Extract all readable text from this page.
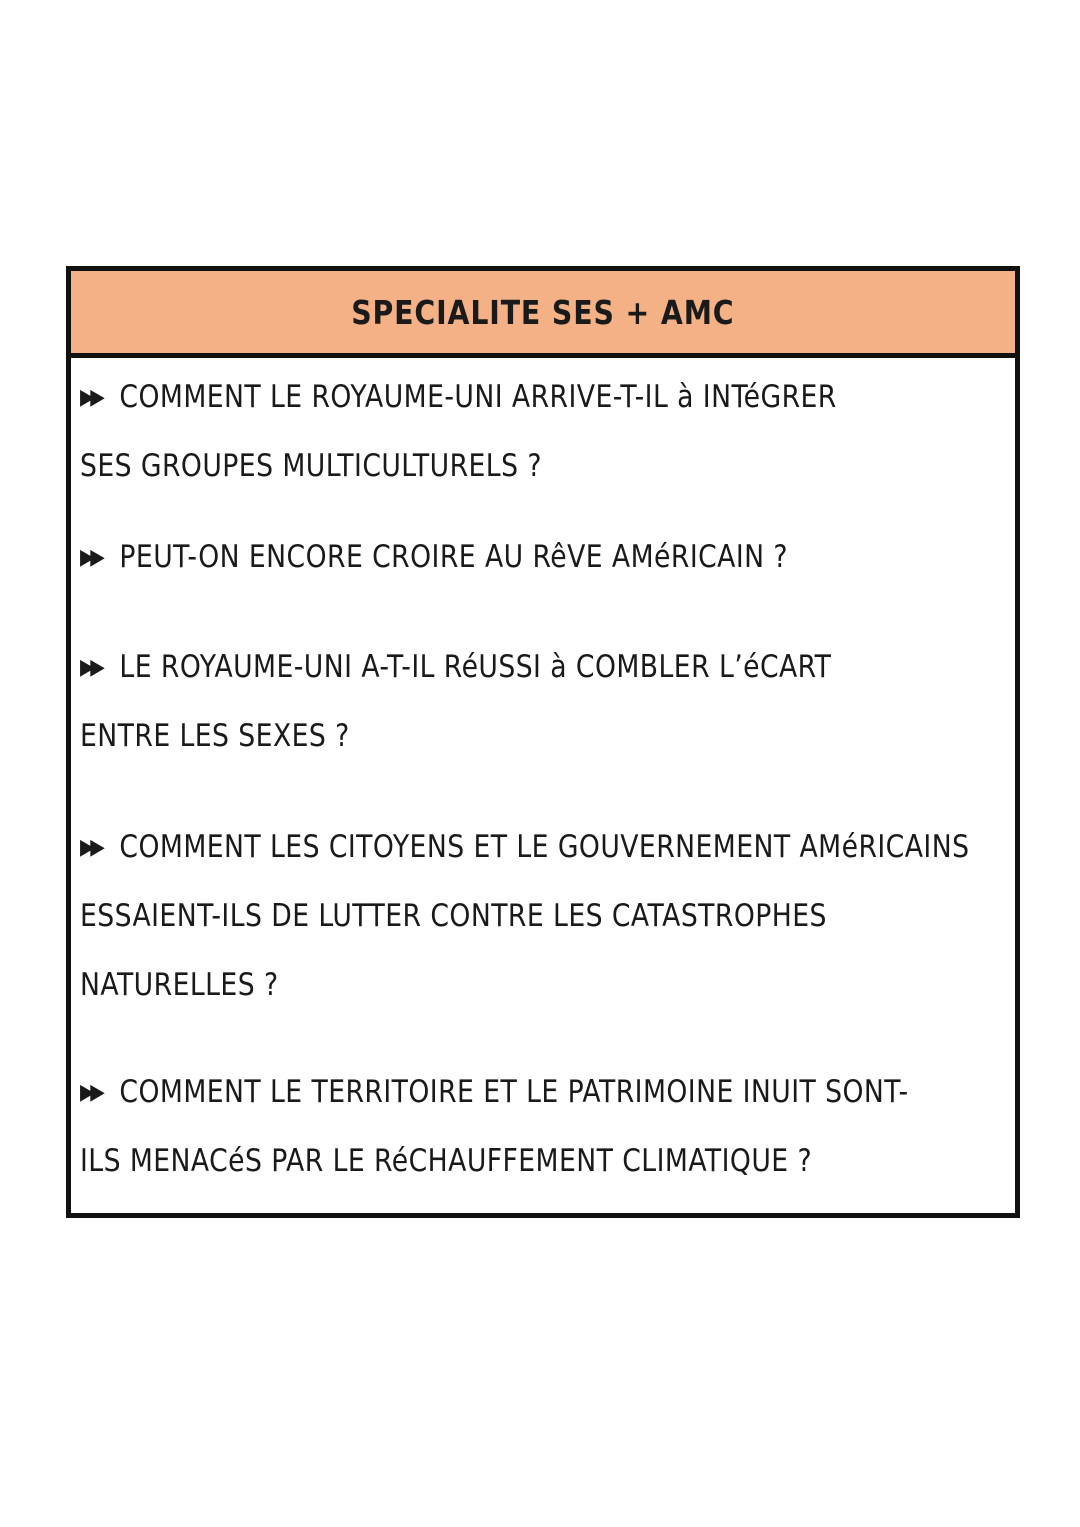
SPECIALITE SES + AMC
▶▶ COMMENT LE ROYAUME-UNI ARRIVE-T-IL à INTéGRER
SES GROUPES MULTICULTURELS ?
▶▶ PEUT-ON ENCORE CROIRE AU RêVE AMéRICAIN ?
▶▶ LE ROYAUME-UNI A-T-IL RéUSSI à COMBLER L’éCART
ENTRE LES SEXES ?
▶▶ COMMENT LES CITOYENS ET LE GOUVERNEMENT AMéRICAINS
ESSAIENT-ILS DE LUTTER CONTRE LES CATASTROPHES
NATURELLES ?
▶▶ COMMENT LE TERRITOIRE ET LE PATRIMOINE INUIT SONT-
ILS MENACéS PAR LE RéCHAUFFEMENT CLIMATIQUE ?
